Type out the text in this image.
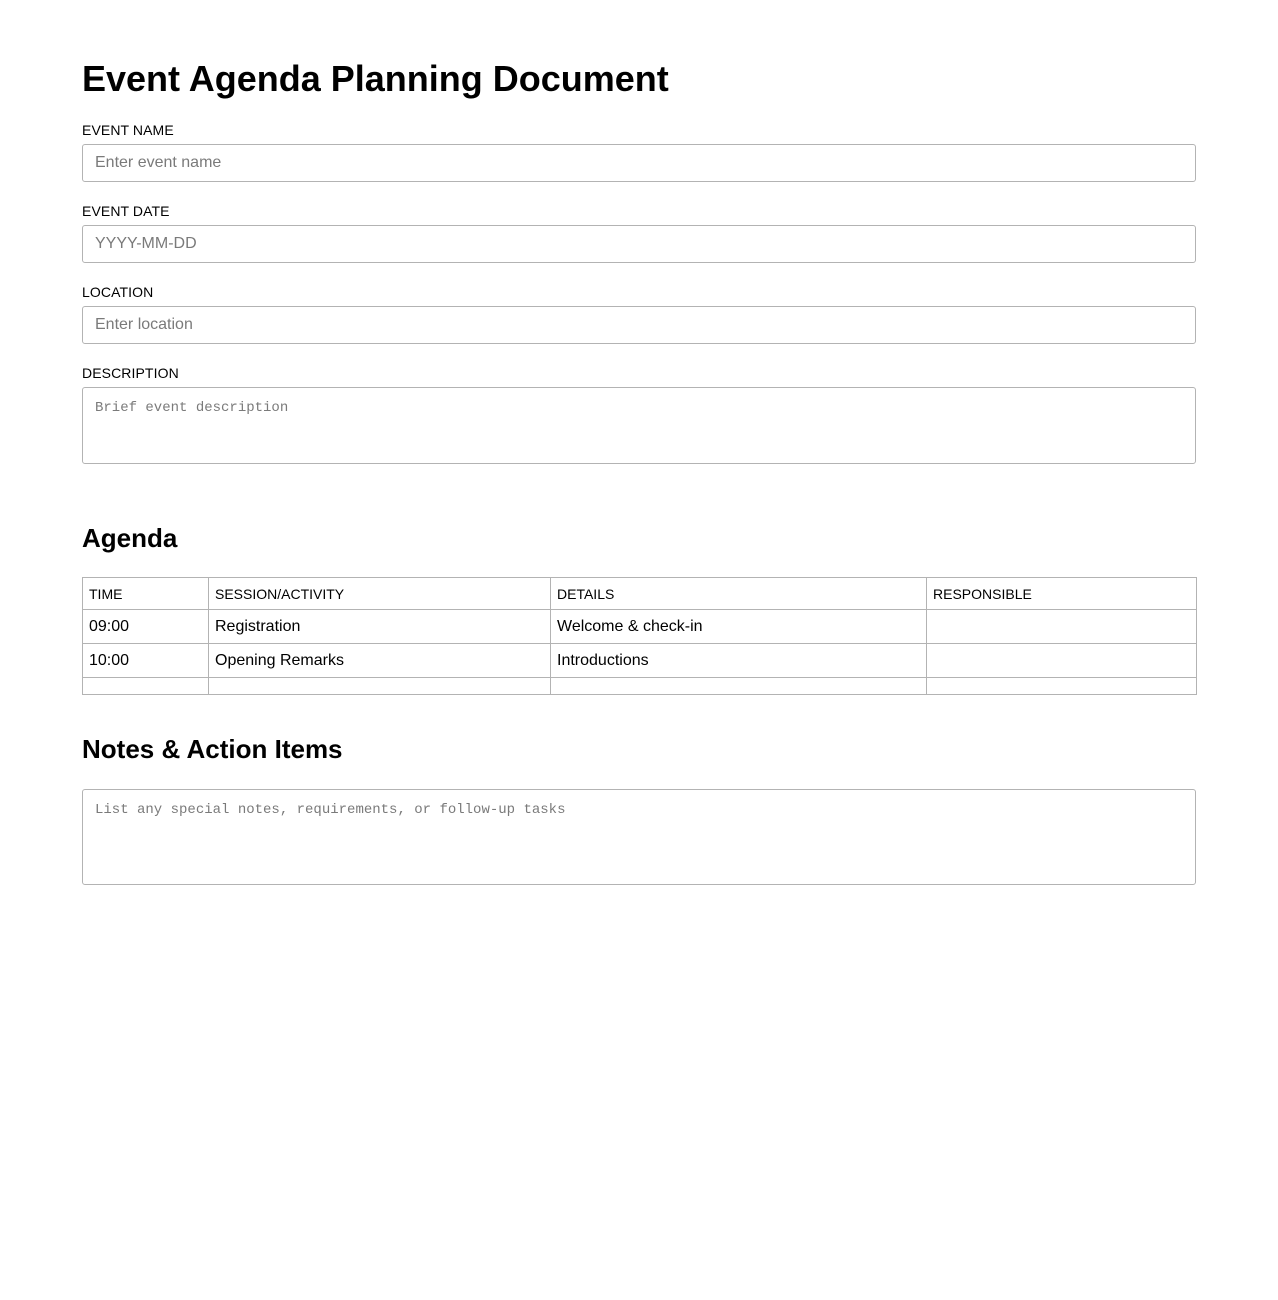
Event Agenda Planning Document
EVENT NAME
Enter event name
EVENT DATE
YYYY-MM-DD
LOCATION
Enter location
DESCRIPTION
Brief event description
Agenda
TIME	SESSION/ACTIVITY	DETAILS	RESPONSIBLE
09:00	Registration	Welcome & check-in	
10:00	Opening Remarks	Introductions	

Notes & Action Items
List any special notes, requirements, or follow-up tasks
